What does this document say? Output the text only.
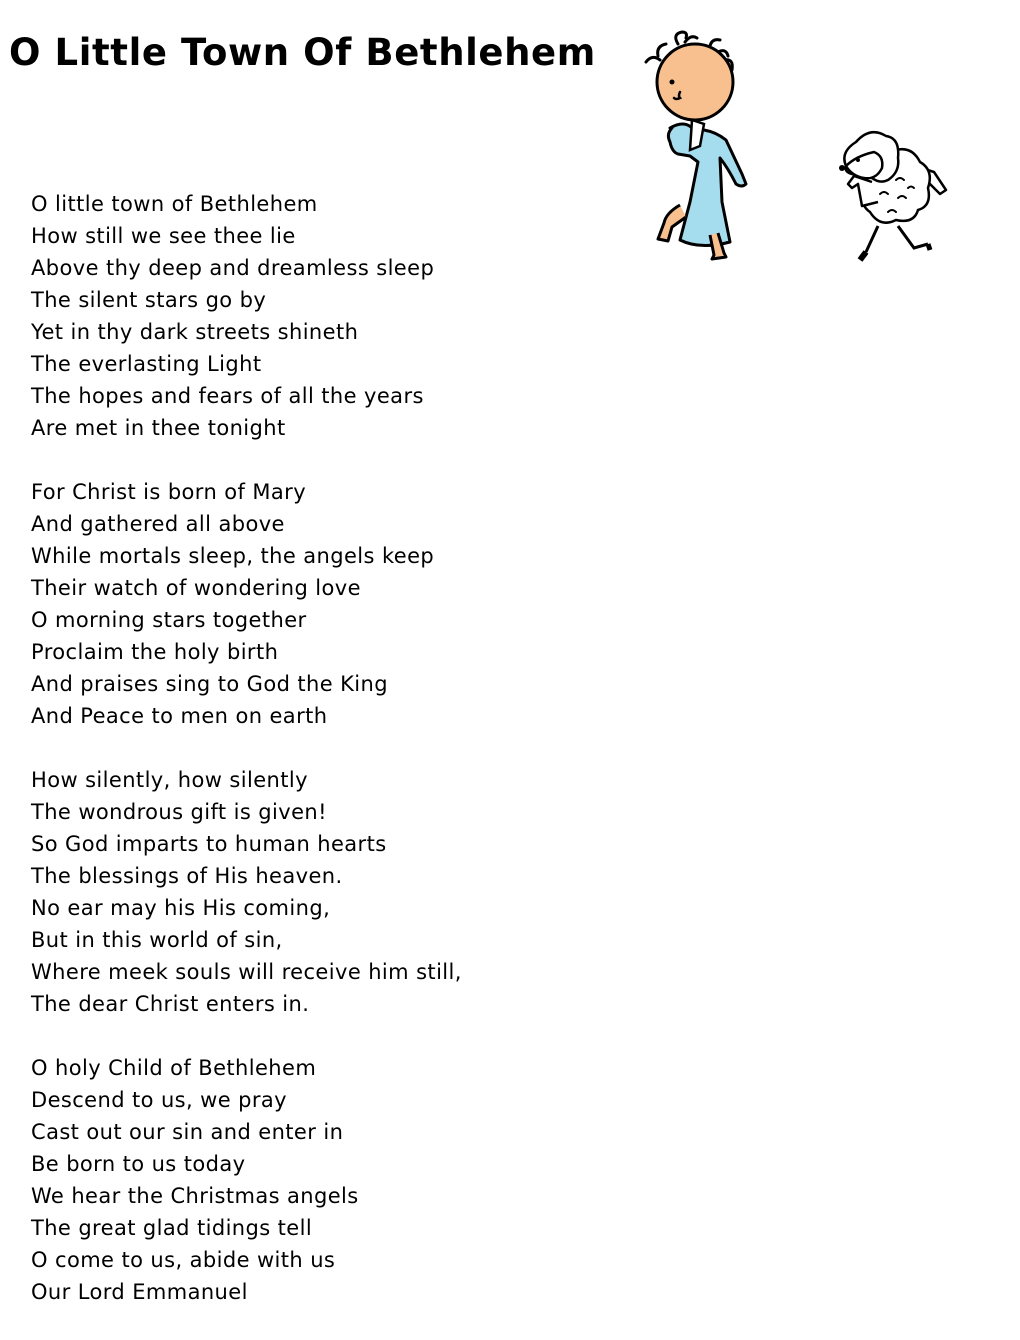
O Little Town Of Bethlehem
O little town of Bethlehem
How still we see thee lie
Above thy deep and dreamless sleep
The silent stars go by
Yet in thy dark streets shineth
The everlasting Light
The hopes and fears of all the years
Are met in thee tonight
For Christ is born of Mary
And gathered all above
While mortals sleep, the angels keep
Their watch of wondering love
O morning stars together
Proclaim the holy birth
And praises sing to God the King
And Peace to men on earth
How silently, how silently
The wondrous gift is given!
So God imparts to human hearts
The blessings of His heaven.
No ear may his His coming,
But in this world of sin,
Where meek souls will receive him still,
The dear Christ enters in.
O holy Child of Bethlehem
Descend to us, we pray
Cast out our sin and enter in
Be born to us today
We hear the Christmas angels
The great glad tidings tell
O come to us, abide with us
Our Lord Emmanuel
